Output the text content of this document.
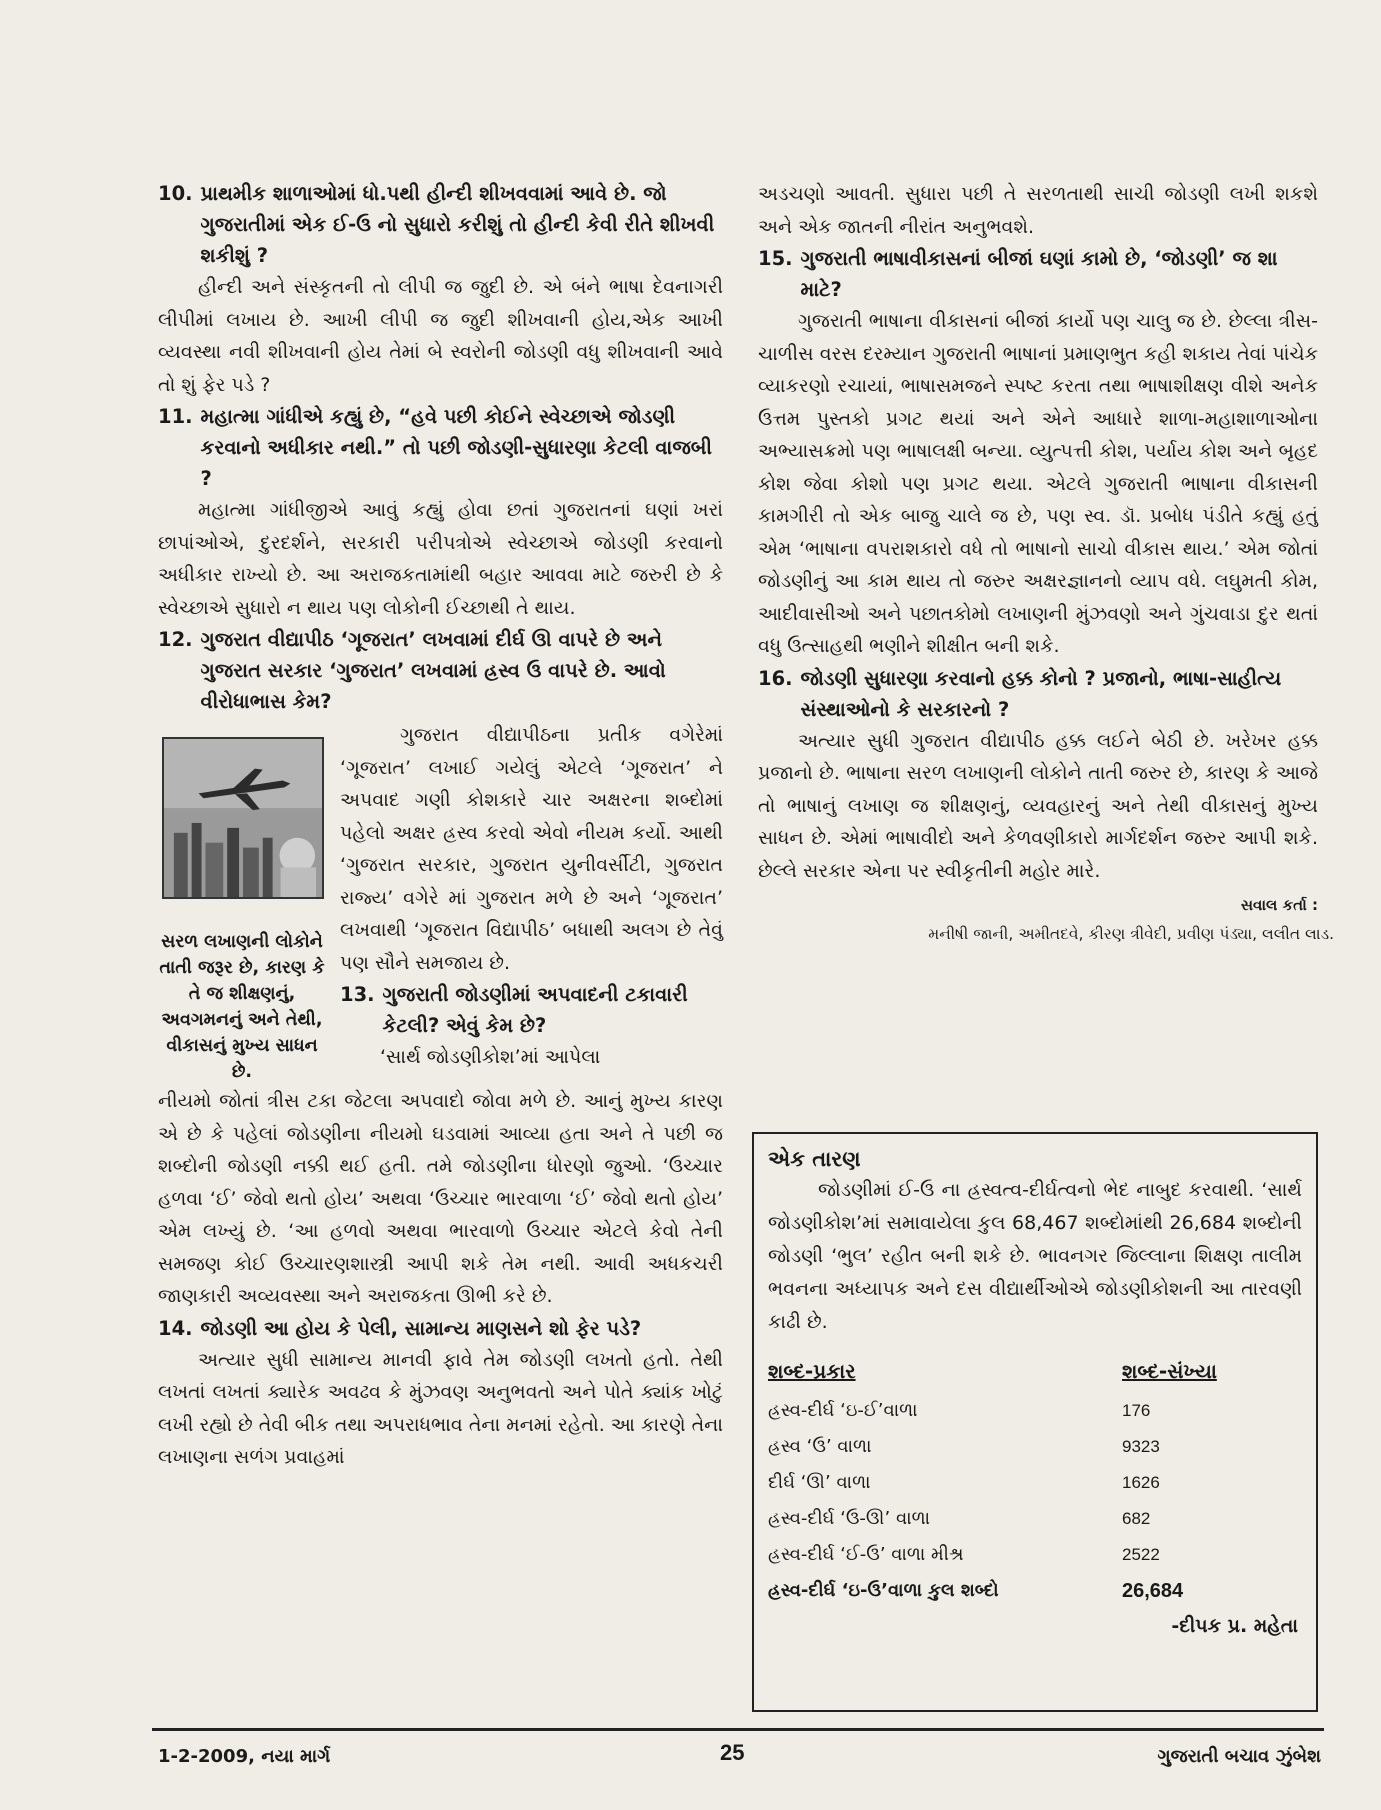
10. પ્રાથમીક શાળાઓમાં ધો.પથી હીન્દી શીખવવામાં આવે છે. જો ગુજરાતીમાં એક ઈ-ઉ નો સુધારો કરીશું તો હીન્દી કેવી રીતે શીખવી શકીશું ?

હીન્દી અને સંસ્કૃતની તો લીપી જ જુદી છે. એ બંને ભાષા દેવનાગરી લીપીમાં લખાય છે. આખી લીપી જ જુદી શીખવાની હોય,એક આખી વ્યવસ્થા નવી શીખવાની હોય તેમાં બે સ્વરોની જોડણી વધુ શીખવાની આવે તો શું ફેર પડે ?

11. મહાત્મા ગાંધીએ કહ્યું છે, “હવે પછી કોઈને સ્વેચ્છાએ જોડણી કરવાનો અધીકાર નથી.” તો પછી જોડણી-સુધારણા કેટલી વાજબી ?

મહાત્મા ગાંધીજીએ આવું કહ્યું હોવા છતાં ગુજરાતનાં ઘણાં ખરાં છાપાંઓએ, દુરદર્શને, સરકારી પરીપત્રોએ સ્વેચ્છાએ જોડણી કરવાનો અધીકાર રાખ્યો છે. આ અરાજકતામાંથી બહાર આવવા માટે જરુરી છે કે સ્વેચ્છાએ સુધારો ન થાય પણ લોકોની ઈચ્છાથી તે થાય.

12. ગુજરાત વીદ્યાપીઠ ‘ગૂજરાત’ લખવામાં દીર્ઘ ઊ વાપરે છે અને ગુજરાત સરકાર ‘ગુજરાત’ લખવામાં હ્રસ્વ ઉ વાપરે છે. આવો વીરોધાભાસ કેમ?
સરળ લખાણની લોકોને તાતી જરૂર છે, કારણ કે તે જ શીક્ષણનું, અવગમનનું અને તેથી, વીકાસનું મુખ્ય સાધન છે.

ગુજરાત વીદ્યાપીઠના પ્રતીક વગેરેમાં ‘ગૂજરાત’ લખાઈ ગયેલું એટલે ‘ગૂજરાત’ ને અપવાદ ગણી કોશકારે ચાર અક્ષરના શબ્દોમાં પહેલો અક્ષર હ્રસ્વ કરવો એવો નીયમ કર્યો. આથી ‘ગુજરાત સરકાર, ગુજરાત યુનીવર્સીટી, ગુજરાત રાજ્ય’ વગેરે માં ગુજરાત મળે છે અને ‘ગૂજરાત’ લખવાથી ‘ગૂજરાત વિદ્યાપીઠ’ બધાથી અલગ છે તેવું પણ સૌને સમજાય છે.

13. ગુજરાતી જોડણીમાં અપવાદની ટકાવારી કેટલી? એવું કેમ છે?

‘સાર્થ જોડણીકોશ’માં આપેલા

નીયમો જોતાં ત્રીસ ટકા જેટલા અપવાદો જોવા મળે છે. આનું મુખ્ય કારણ એ છે કે પહેલાં જોડણીના નીયમો ઘડવામાં આવ્યા હતા અને તે પછી જ શબ્દોની જોડણી નક્કી થઈ હતી. તમે જોડણીના ધોરણો જુઓ. ‘ઉચ્ચાર હળવા ‘ઈ’ જેવો થતો હોય’ અથવા ‘ઉચ્ચાર ભારવાળા ‘ઈ’ જેવો થતો હોય’ એમ લખ્યું છે. ‘આ હળવો અથવા ભારવાળો ઉચ્ચાર એટલે કેવો તેની સમજણ કોઈ ઉચ્ચારણશાસ્ત્રી આપી શકે તેમ નથી. આવી અધકચરી જાણકારી અવ્યવસ્થા અને અરાજકતા ઊભી કરે છે.

14. જોડણી આ હોય કે પેલી, સામાન્ય માણસને શો ફેર પડે?

અત્યાર સુધી સામાન્ય માનવી ફાવે તેમ જોડણી લખતો હતો. તેથી લખતાં લખતાં ક્યારેક અવઢવ કે મુંઝવણ અનુભવતો અને પોતે ક્યાંક ખોટું લખી રહ્યો છે તેવી બીક તથા અપરાધભાવ તેના મનમાં રહેતો. આ કારણે તેના લખાણના સળંગ પ્રવાહમાં

અડચણો આવતી. સુધારા પછી તે સરળતાથી સાચી જોડણી લખી શકશે અને એક જાતની નીરાંત અનુભવશે.

15. ગુજરાતી ભાષાવીકાસનાં બીજાં ઘણાં કામો છે, ‘જોડણી’ જ શા માટે?

ગુજરાતી ભાષાના વીકાસનાં બીજાં કાર્યો પણ ચાલુ જ છે. છેલ્લા ત્રીસ-ચાળીસ વરસ દરમ્યાન ગુજરાતી ભાષાનાં પ્રમાણભુત કહી શકાય તેવાં પાંચેક વ્યાકરણો રચાયાં, ભાષાસમજને સ્પષ્ટ કરતા તથા ભાષાશીક્ષણ વીશે અનેક ઉત્તમ પુસ્તકો પ્રગટ થયાં અને એને આધારે શાળા-મહાશાળાઓના અભ્યાસક્રમો પણ ભાષાલક્ષી બન્યા. વ્યુત્પત્તી કોશ, પર્યાય કોશ અને બૃહદ કોશ જેવા કોશો પણ પ્રગટ થયા. એટલે ગુજરાતી ભાષાના વીકાસની કામગીરી તો એક બાજુ ચાલે જ છે, પણ સ્વ. ડૉ. પ્રબોધ પંડીતે કહ્યું હતું એમ ‘ભાષાના વપરાશકારો વધે તો ભાષાનો સાચો વીકાસ થાય.’ એમ જોતાં જોડણીનું આ કામ થાય તો જરુર અક્ષરજ્ઞાનનો વ્યાપ વધે. લઘુમતી કોમ, આદીવાસીઓ અને પછાતકોમો લખાણની મુંઝવણો અને ગુંચવાડા દુર થતાં વધુ ઉત્સાહથી ભણીને શીક્ષીત બની શકે.

16. જોડણી સુધારણા કરવાનો હક્ક કોનો ? પ્રજાનો, ભાષા-સાહીત્ય સંસ્થાઓનો કે સરકારનો ?

અત્યાર સુધી ગુજરાત વીદ્યાપીઠ હક્ક લઈને બેઠી છે. ખરેખર હક્ક પ્રજાનો છે. ભાષાના સરળ લખાણની લોકોને તાતી જરુર છે, કારણ કે આજે તો ભાષાનું લખાણ જ શીક્ષણનું, વ્યવહારનું અને તેથી વીકાસનું મુખ્ય સાધન છે. એમાં ભાષાવીદો અને કેળવણીકારો માર્ગદર્શન જરુર આપી શકે. છેલ્લે સરકાર એના પર સ્વીકૃતીની મહોર મારે.

સવાલ કર્તા :

મનીષી જાની, અમીતદવે, કીરણ ત્રીવેદી, પ્રવીણ પંડ્યા, લલીત લાડ.

એક તારણ

જોડણીમાં ઈ-ઉ ના હ્રસ્વત્વ-દીર્ઘત્વનો ભેદ નાબુદ કરવાથી. ‘સાર્થ જોડણીકોશ’માં સમાવાયેલા કુલ 68,467 શબ્દોમાંથી 26,684 શબ્દોની જોડણી ‘ભુલ’ રહીત બની શકે છે. ભાવનગર જિલ્લાના શિક્ષણ તાલીમ ભવનના અધ્યાપક અને દસ વીદ્યાર્થીઓએ જોડણીકોશની આ તારવણી કાઢી છે.

શબ્દ-પ્રકાર	શબ્દ-સંખ્યા
હ્રસ્વ-દીર્ઘ ‘ઇ-ઈ’વાળા	176
હ્રસ્વ ‘ઉ’ વાળા	9323
દીર્ઘ ‘ઊ’ વાળા	1626
હ્રસ્વ-દીર્ઘ ‘ઉ-ઊ’ વાળા	682
હ્રસ્વ-દીર્ઘ ‘ઈ-ઉ’ વાળા મીશ્ર	2522
હ્રસ્વ-દીર્ઘ ‘ઇ-ઉ’વાળા કુલ શબ્દો	26,684

-દીપક પ્ર. મહેતા

1-2-2009, નયા માર્ગ	25	ગુજરાતી બચાવ ઝુંબેશ
